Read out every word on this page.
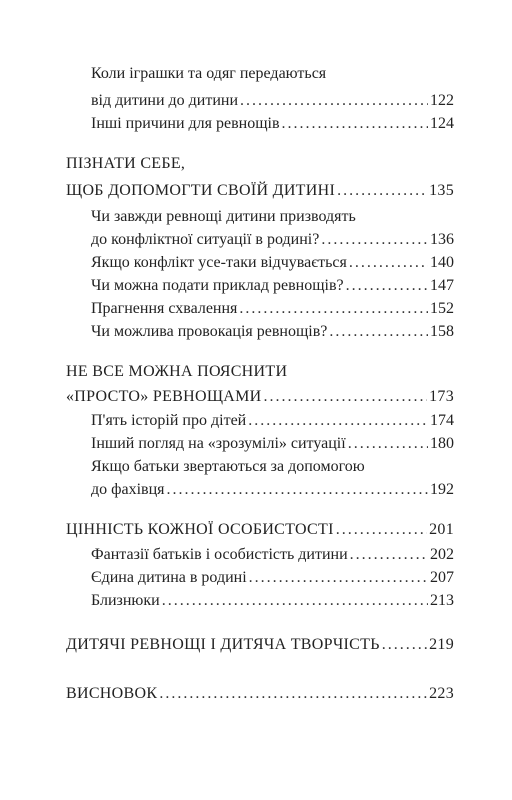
Коли іграшки та одяг передаються
від дитини до дитини .....	122
Інші причини для ревнощів .....	124
ПІЗНАТИ СЕБЕ,
ЩОБ ДОПОМОГТИ СВОЇЙ ДИТИНІ .....	135
Чи завжди ревнощі дитини призводять
до конфліктної ситуації в родині? .....	136
Якщо конфлікт усе-таки відчувається .....	140
Чи можна подати приклад ревнощів? .....	147
Прагнення схвалення .....	152
Чи можлива провокація ревнощів? .....	158
НЕ ВСЕ МОЖНА ПОЯСНИТИ
«ПРОСТО» РЕВНОЩАМИ .....	173
П'ять історій про дітей .....	174
Інший погляд на «зрозумілі» ситуації .....	180
Якщо батьки звертаються за допомогою
до фахівця .....	192
ЦІННІСТЬ КОЖНОЇ ОСОБИСТОСТІ .....	201
Фантазії батьків і особистість дитини .....	202
Єдина дитина в родині .....	207
Близнюки .....	213
ДИТЯЧІ РЕВНОЩІ І ДИТЯЧА ТВОРЧІСТЬ .....	219
ВИСНОВОК .....	223
